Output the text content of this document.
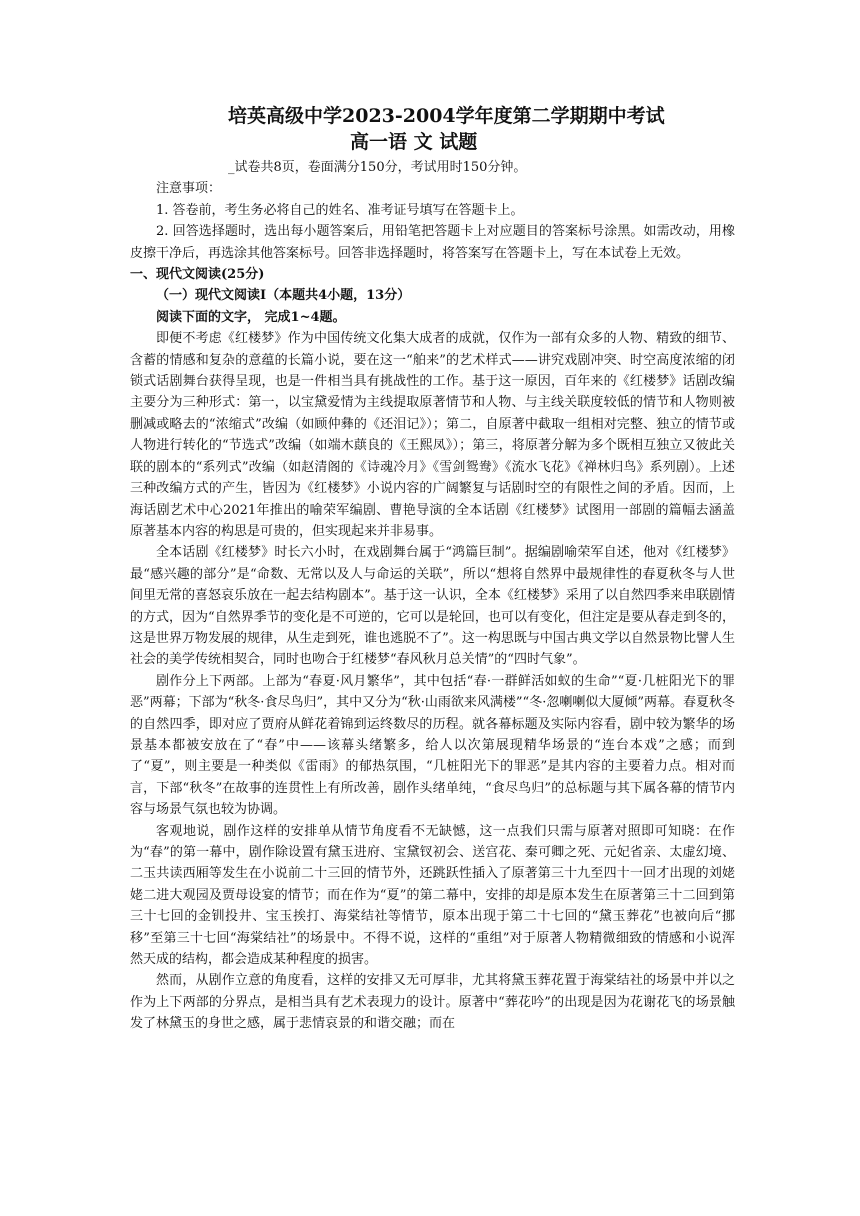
培英高级中学2023-2004学年度第二学期期中考试
高一语 文 试题
_试卷共8页，卷面满分150分，考试用时150分钟。
注意事项：

1. 答卷前，考生务必将自己的姓名、准考证号填写在答题卡上。

2. 回答选择题时，选出每小题答案后，用铅笔把答题卡上对应题目的答案标号涂黑。如需改动，用橡皮擦干净后，再选涂其他答案标号。回答非选择题时，将答案写在答题卡上，写在本试卷上无效。

一、现代文阅读(25分)
（一）现代文阅读Ⅰ（本题共4小题，13分）
阅读下面的文字， 完成1~4题。

即便不考虑《红楼梦》作为中国传统文化集大成者的成就，仅作为一部有众多的人物、精致的细节、含蓄的情感和复杂的意蕴的长篇小说，要在这一“舶来”的艺术样式——讲究戏剧冲突、时空高度浓缩的闭锁式话剧舞台获得呈现，也是一件相当具有挑战性的工作。基于这一原因，百年来的《红楼梦》话剧改编主要分为三种形式：第一，以宝黛爱情为主线提取原著情节和人物、与主线关联度较低的情节和人物则被删减或略去的“浓缩式”改编（如顾仲彝的《还泪记》）；第二，自原著中截取一组相对完整、独立的情节或人物进行转化的“节选式”改编（如端木蕻良的《王熙凤》）；第三，将原著分解为多个既相互独立又彼此关联的剧本的“系列式”改编（如赵清阁的《诗魂冷月》《雪剑鸳鸯》《流水飞花》《禅林归鸟》系列剧）。上述三种改编方式的产生，皆因为《红楼梦》小说内容的广阔繁复与话剧时空的有限性之间的矛盾。因而，上海话剧艺术中心2021年推出的喻荣军编剧、曹艳导演的全本话剧《红楼梦》试图用一部剧的篇幅去涵盖原著基本内容的构思是可贵的，但实现起来并非易事。

全本话剧《红楼梦》时长六小时，在戏剧舞台属于“鸿篇巨制”。据编剧喻荣军自述，他对《红楼梦》最“感兴趣的部分”是“命数、无常以及人与命运的关联”，所以“想将自然界中最规律性的春夏秋冬与人世间里无常的喜怒哀乐放在一起去结构剧本”。基于这一认识，全本《红楼梦》采用了以自然四季来串联剧情的方式，因为“自然界季节的变化是不可逆的，它可以是轮回，也可以有变化，但注定是要从春走到冬的，这是世界万物发展的规律，从生走到死，谁也逃脱不了”。这一构思既与中国古典文学以自然景物比譬人生社会的美学传统相契合，同时也吻合于红楼梦“春风秋月总关情”的“四时气象”。

剧作分上下两部。上部为“春夏·风月繁华”，其中包括“春·一群鲜活如蚁的生命”“夏·几桩阳光下的罪恶”两幕；下部为“秋冬·食尽鸟归”，其中又分为“秋·山雨欲来风满楼”“冬·忽喇喇似大厦倾”两幕。春夏秋冬的自然四季，即对应了贾府从鲜花着锦到运终数尽的历程。就各幕标题及实际内容看，剧中较为繁华的场景基本都被安放在了“春”中——该幕头绪繁多，给人以次第展现精华场景的“连台本戏”之感；而到了“夏”，则主要是一种类似《雷雨》的郁热氛围，“几桩阳光下的罪恶”是其内容的主要着力点。相对而言，下部“秋冬”在故事的连贯性上有所改善，剧作头绪单纯，“食尽鸟归”的总标题与其下属各幕的情节内容与场景气氛也较为协调。

客观地说，剧作这样的安排单从情节角度看不无缺憾，这一点我们只需与原著对照即可知晓：在作为“春”的第一幕中，剧作除设置有黛玉进府、宝黛钗初会、送宫花、秦可卿之死、元妃省亲、太虚幻境、二玉共读西厢等发生在小说前二十三回的情节外，还跳跃性插入了原著第三十九至四十一回才出现的刘姥姥二进大观园及贾母设宴的情节；而在作为“夏”的第二幕中，安排的却是原本发生在原著第三十二回到第三十七回的金钏投井、宝玉挨打、海棠结社等情节，原本出现于第二十七回的“黛玉葬花”也被向后“挪移”至第三十七回“海棠结社”的场景中。不得不说，这样的“重组”对于原著人物精微细致的情感和小说浑然天成的结构，都会造成某种程度的损害。

然而，从剧作立意的角度看，这样的安排又无可厚非，尤其将黛玉葬花置于海棠结社的场景中并以之作为上下两部的分界点，是相当具有艺术表现力的设计。原著中“葬花吟”的出现是因为花谢花飞的场景触发了林黛玉的身世之感，属于悲情哀景的和谐交融；而在
